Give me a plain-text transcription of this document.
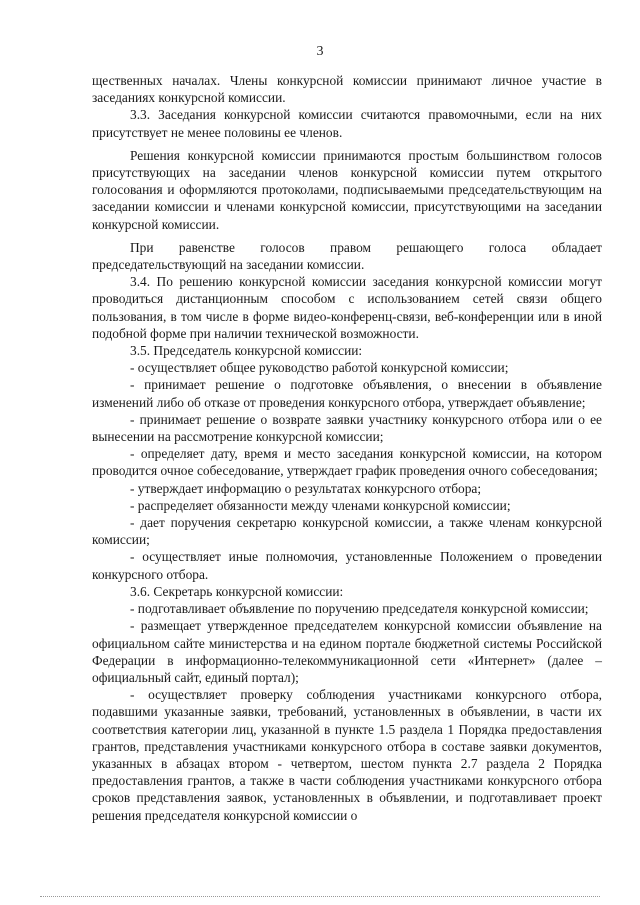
3

щественных началах. Члены конкурсной комиссии принимают личное участие в заседаниях конкурсной комиссии.

3.3. Заседания конкурсной комиссии считаются правомочными, если на них присутствует не менее половины ее членов.

Решения конкурсной комиссии принимаются простым большинством голосов присутствующих на заседании членов конкурсной комиссии путем открытого голосования и оформляются протоколами, подписываемыми председательствующим на заседании комиссии и членами конкурсной комиссии, присутствующими на заседании конкурсной комиссии.

При равенстве голосов правом решающего голоса обладает председательствующий на заседании комиссии.

3.4. По решению конкурсной комиссии заседания конкурсной комиссии могут проводиться дистанционным способом с использованием сетей связи общего пользования, в том числе в форме видео-конференц-связи, веб-конференции или в иной подобной форме при наличии технической возможности.

3.5. Председатель конкурсной комиссии:

- осуществляет общее руководство работой конкурсной комиссии;

- принимает решение о подготовке объявления, о внесении в объявление изменений либо об отказе от проведения конкурсного отбора, утверждает объявление;

- принимает решение о возврате заявки участнику конкурсного отбора или о ее вынесении на рассмотрение конкурсной комиссии;

- определяет дату, время и место заседания конкурсной комиссии, на котором проводится очное собеседование, утверждает график проведения очного собеседования;

- утверждает информацию о результатах конкурсного отбора;

- распределяет обязанности между членами конкурсной комиссии;

- дает поручения секретарю конкурсной комиссии, а также членам конкурсной комиссии;

- осуществляет иные полномочия, установленные Положением о проведении конкурсного отбора.

3.6. Секретарь конкурсной комиссии:

- подготавливает объявление по поручению председателя конкурсной комиссии;

- размещает утвержденное председателем конкурсной комиссии объявление на официальном сайте министерства и на едином портале бюджетной системы Российской Федерации в информационно-телекоммуникационной сети «Интернет» (далее – официальный сайт, единый портал);

- осуществляет проверку соблюдения участниками конкурсного отбора, подавшими указанные заявки, требований, установленных в объявлении, в части их соответствия категории лиц, указанной в пункте 1.5 раздела 1 Порядка предоставления грантов, представления участниками конкурсного отбора в составе заявки документов, указанных в абзацах втором - четвертом, шестом пункта 2.7 раздела 2 Порядка предоставления грантов, а также в части соблюдения участниками конкурсного отбора сроков представления заявок, установленных в объявлении, и подготавливает проект решения председателя конкурсной комиссии о
